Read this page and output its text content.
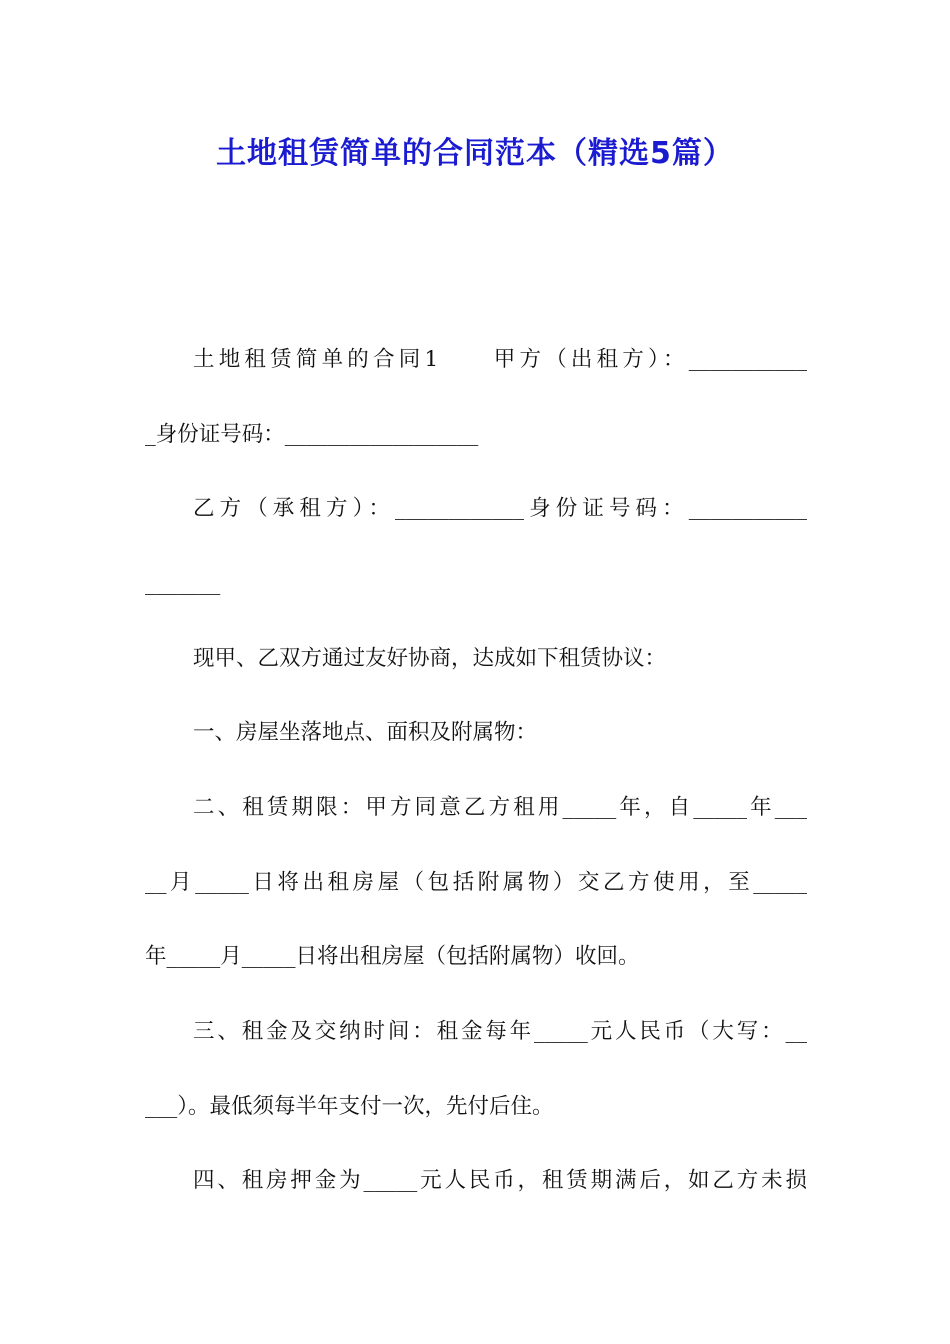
土地租赁简单的合同范本（精选5篇）
土地租赁简单的合同1　　甲方（出租方）：___________
_身份证号码：__________________
乙方（承租方）：____________身份证号码：___________
_______
现甲、乙双方通过友好协商，达成如下租赁协议：
一、房屋坐落地点、面积及附属物：
二、租赁期限：甲方同意乙方租用_____年，自_____年___
__月_____日将出租房屋（包括附属物）交乙方使用，至_____
年_____月_____日将出租房屋（包括附属物）收回。
三、租金及交纳时间：租金每年_____元人民币（大写：__
___）。最低须每半年支付一次，先付后住。
四、租房押金为_____元人民币，租赁期满后，如乙方未损
